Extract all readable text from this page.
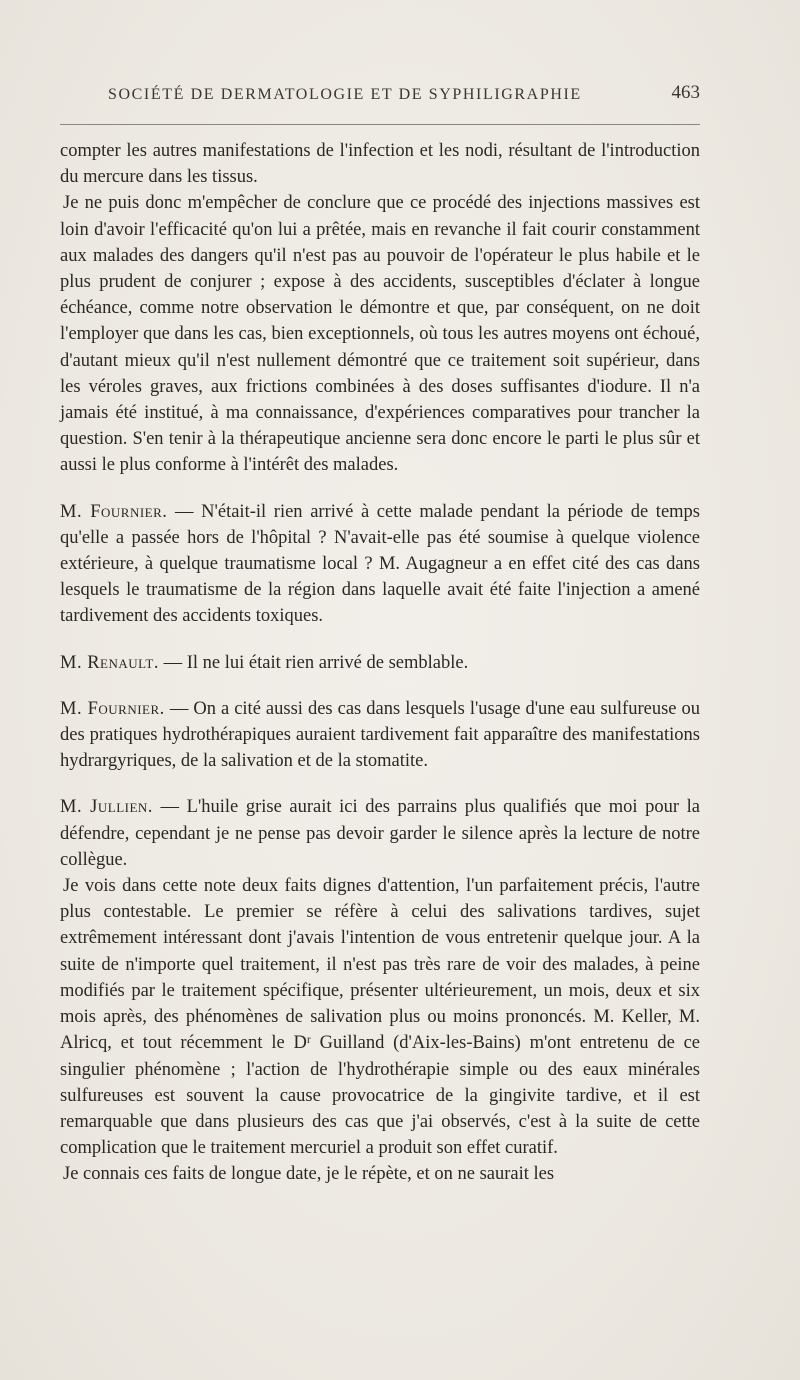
SOCIÉTÉ DE DERMATOLOGIE ET DE SYPHILIGRAPHIE	463

compter les autres manifestations de l'infection et les nodi, résultant de l'introduction du mercure dans les tissus.

Je ne puis donc m'empêcher de conclure que ce procédé des injections massives est loin d'avoir l'efficacité qu'on lui a prêtée, mais en revanche il fait courir constamment aux malades des dangers qu'il n'est pas au pouvoir de l'opérateur le plus habile et le plus prudent de conjurer ; expose à des accidents, susceptibles d'éclater à longue échéance, comme notre observation le démontre et que, par conséquent, on ne doit l'employer que dans les cas, bien exceptionnels, où tous les autres moyens ont échoué, d'autant mieux qu'il n'est nullement démontré que ce traitement soit supérieur, dans les véroles graves, aux frictions combinées à des doses suffisantes d'iodure. Il n'a jamais été institué, à ma connaissance, d'expériences comparatives pour trancher la question. S'en tenir à la thérapeutique ancienne sera donc encore le parti le plus sûr et aussi le plus conforme à l'intérêt des malades.

M. Fournier. — N'était-il rien arrivé à cette malade pendant la période de temps qu'elle a passée hors de l'hôpital ? N'avait-elle pas été soumise à quelque violence extérieure, à quelque traumatisme local ? M. Augagneur a en effet cité des cas dans lesquels le traumatisme de la région dans laquelle avait été faite l'injection a amené tardivement des accidents toxiques.

M. Renault. — Il ne lui était rien arrivé de semblable.

M. Fournier. — On a cité aussi des cas dans lesquels l'usage d'une eau sulfureuse ou des pratiques hydrothérapiques auraient tardivement fait apparaître des manifestations hydrargyriques, de la salivation et de la stomatite.

M. Jullien. — L'huile grise aurait ici des parrains plus qualifiés que moi pour la défendre, cependant je ne pense pas devoir garder le silence après la lecture de notre collègue.

Je vois dans cette note deux faits dignes d'attention, l'un parfaitement précis, l'autre plus contestable. Le premier se réfère à celui des salivations tardives, sujet extrêmement intéressant dont j'avais l'intention de vous entretenir quelque jour. A la suite de n'importe quel traitement, il n'est pas très rare de voir des malades, à peine modifiés par le traitement spécifique, présenter ultérieurement, un mois, deux et six mois après, des phénomènes de salivation plus ou moins prononcés. M. Keller, M. Alricq, et tout récemment le Dʳ Guilland (d'Aix-les-Bains) m'ont entretenu de ce singulier phénomène ; l'action de l'hydrothérapie simple ou des eaux minérales sulfureuses est souvent la cause provocatrice de la gingivite tardive, et il est remarquable que dans plusieurs des cas que j'ai observés, c'est à la suite de cette complication que le traitement mercuriel a produit son effet curatif.

Je connais ces faits de longue date, je le répète, et on ne saurait les
